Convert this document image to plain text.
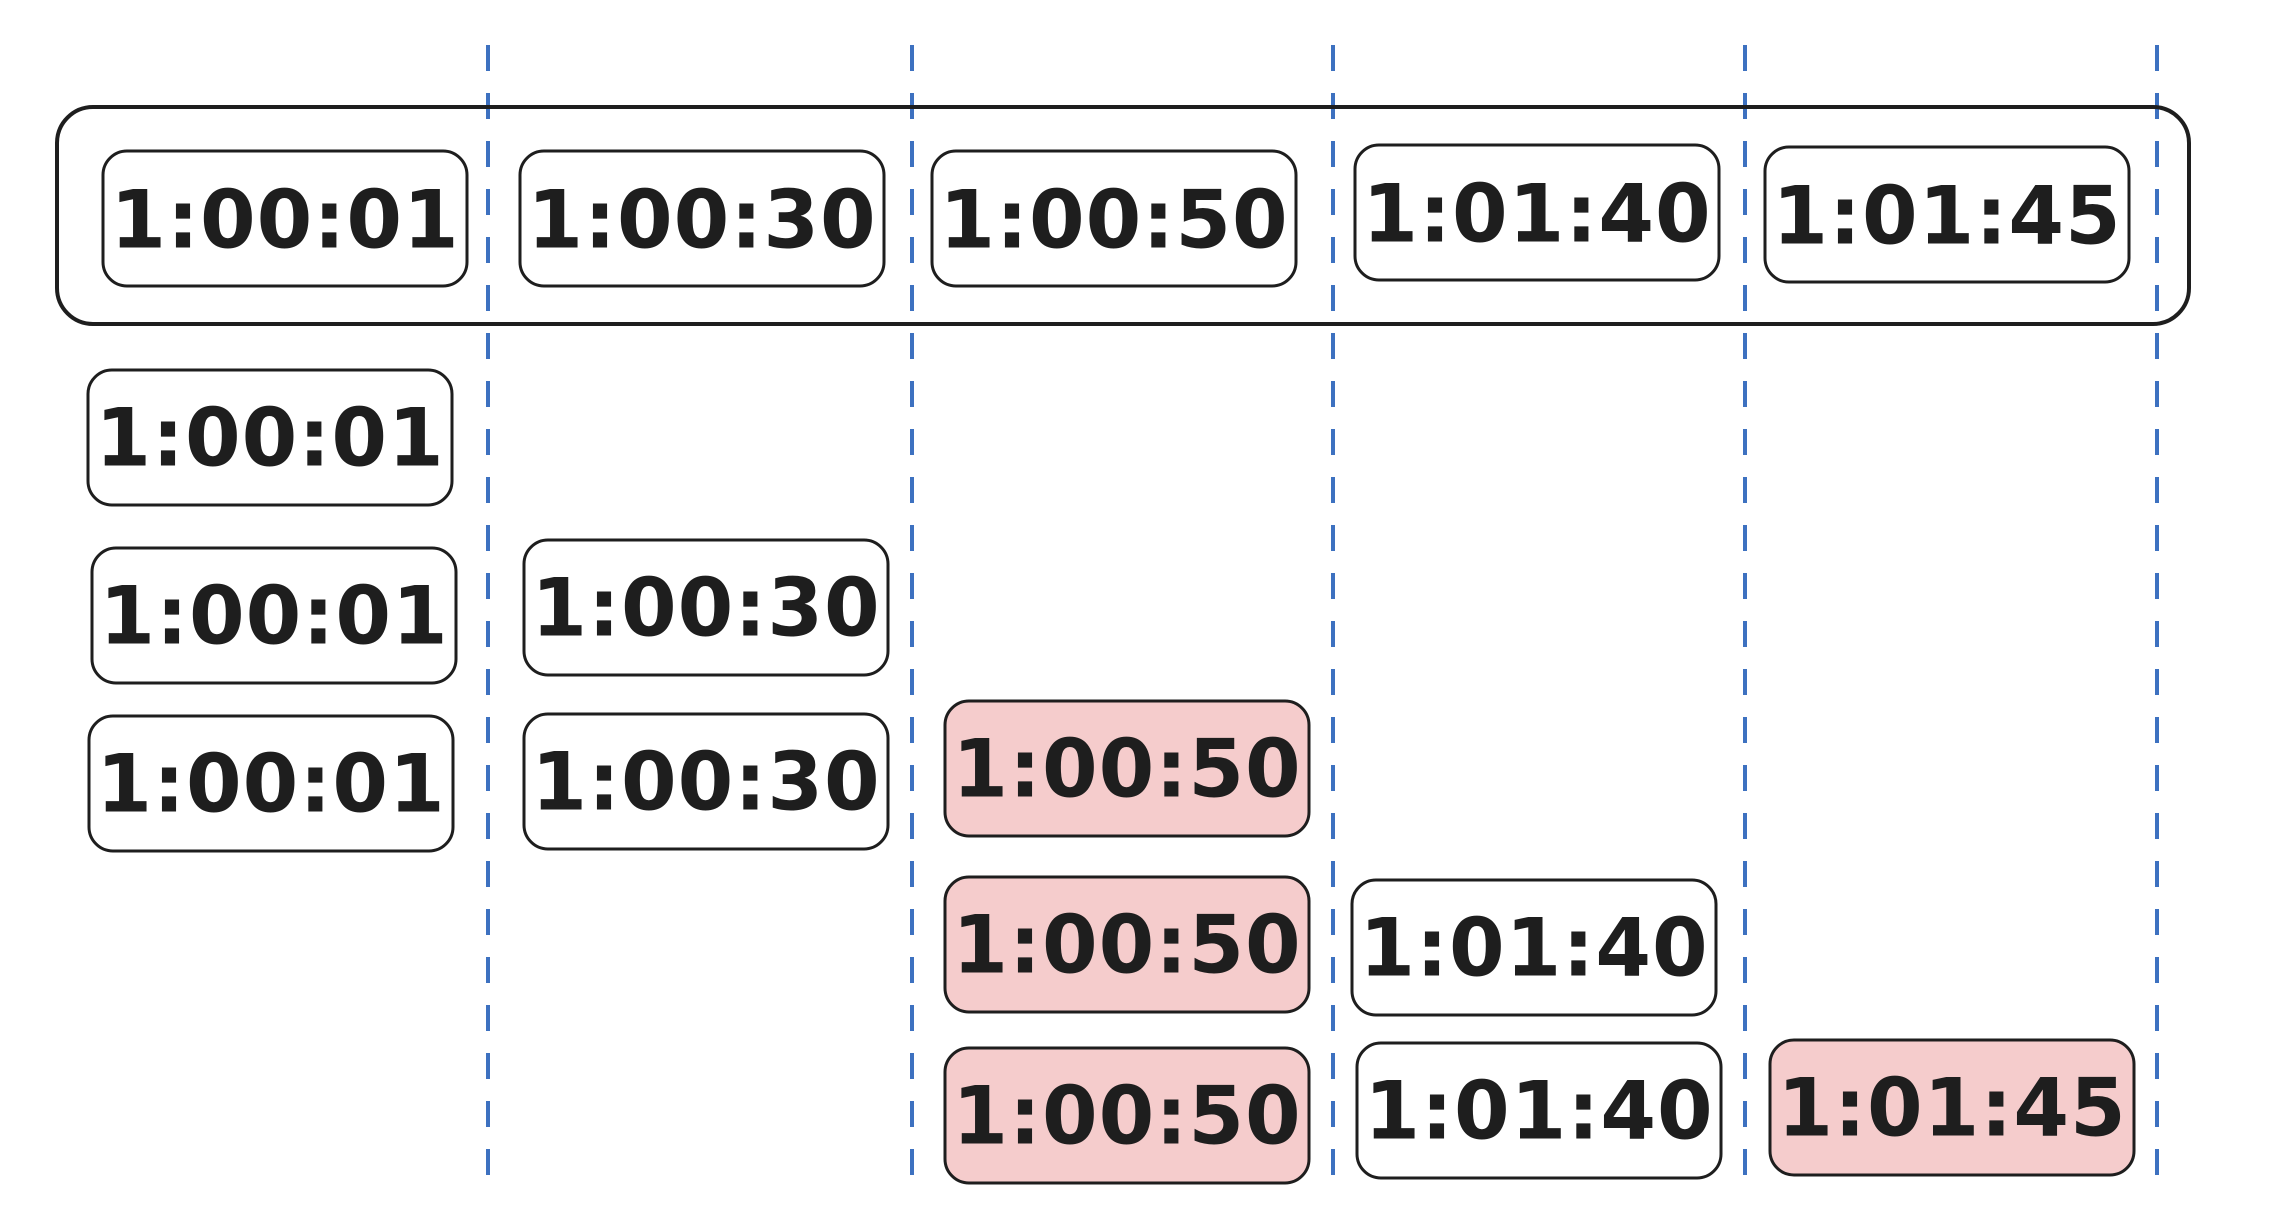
1:00:01 1:00:30 1:00:50 1:01:40 1:01:45
1:00:01
1:00:01 1:00:30
1:00:01 1:00:30 1:00:50
1:00:50 1:01:40
1:00:50 1:01:40 1:01:45
